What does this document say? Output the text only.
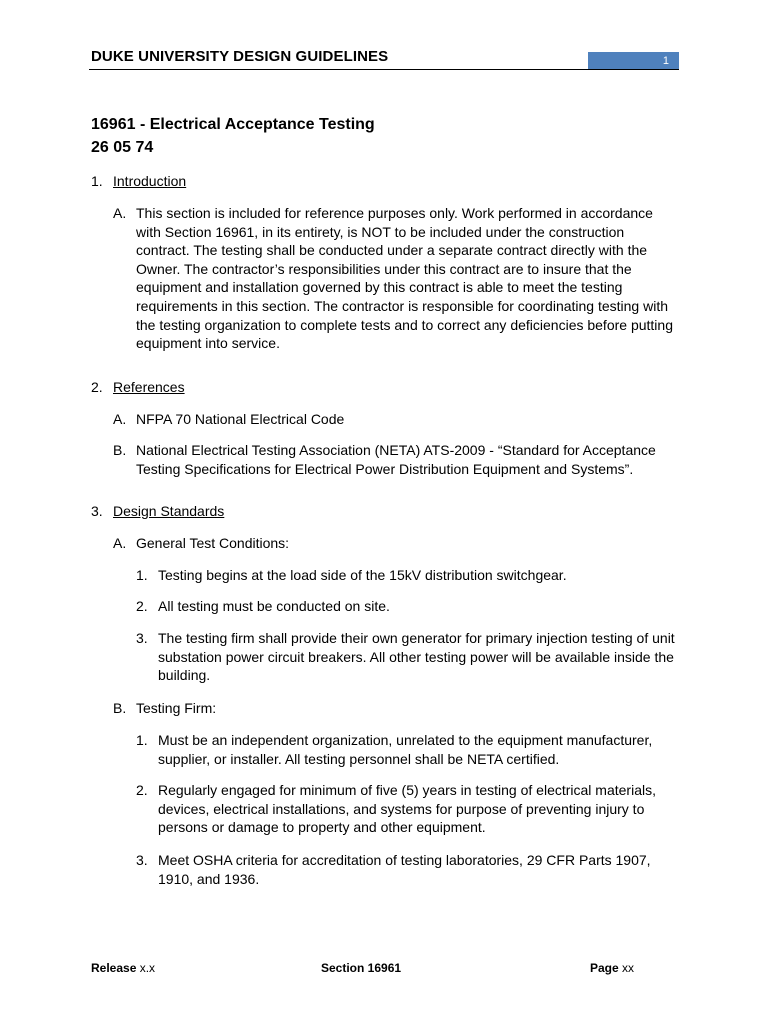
DUKE UNIVERSITY DESIGN GUIDELINES	1
16961 - Electrical Acceptance Testing
26 05 74
1. Introduction
A. This section is included for reference purposes only. Work performed in accordance with Section 16961, in its entirety, is NOT to be included under the construction contract. The testing shall be conducted under a separate contract directly with the Owner. The contractor’s responsibilities under this contract are to insure that the equipment and installation governed by this contract is able to meet the testing requirements in this section. The contractor is responsible for coordinating testing with the testing organization to complete tests and to correct any deficiencies before putting equipment into service.
2. References
A. NFPA 70 National Electrical Code
B. National Electrical Testing Association (NETA) ATS-2009 - “Standard for Acceptance Testing Specifications for Electrical Power Distribution Equipment and Systems”.
3. Design Standards
A. General Test Conditions:
1. Testing begins at the load side of the 15kV distribution switchgear.
2. All testing must be conducted on site.
3. The testing firm shall provide their own generator for primary injection testing of unit substation power circuit breakers. All other testing power will be available inside the building.
B. Testing Firm:
1. Must be an independent organization, unrelated to the equipment manufacturer, supplier, or installer. All testing personnel shall be NETA certified.
2. Regularly engaged for minimum of five (5) years in testing of electrical materials, devices, electrical installations, and systems for purpose of preventing injury to persons or damage to property and other equipment.
3. Meet OSHA criteria for accreditation of testing laboratories, 29 CFR Parts 1907, 1910, and 1936.
Release x.x	Section 16961	Page xx
